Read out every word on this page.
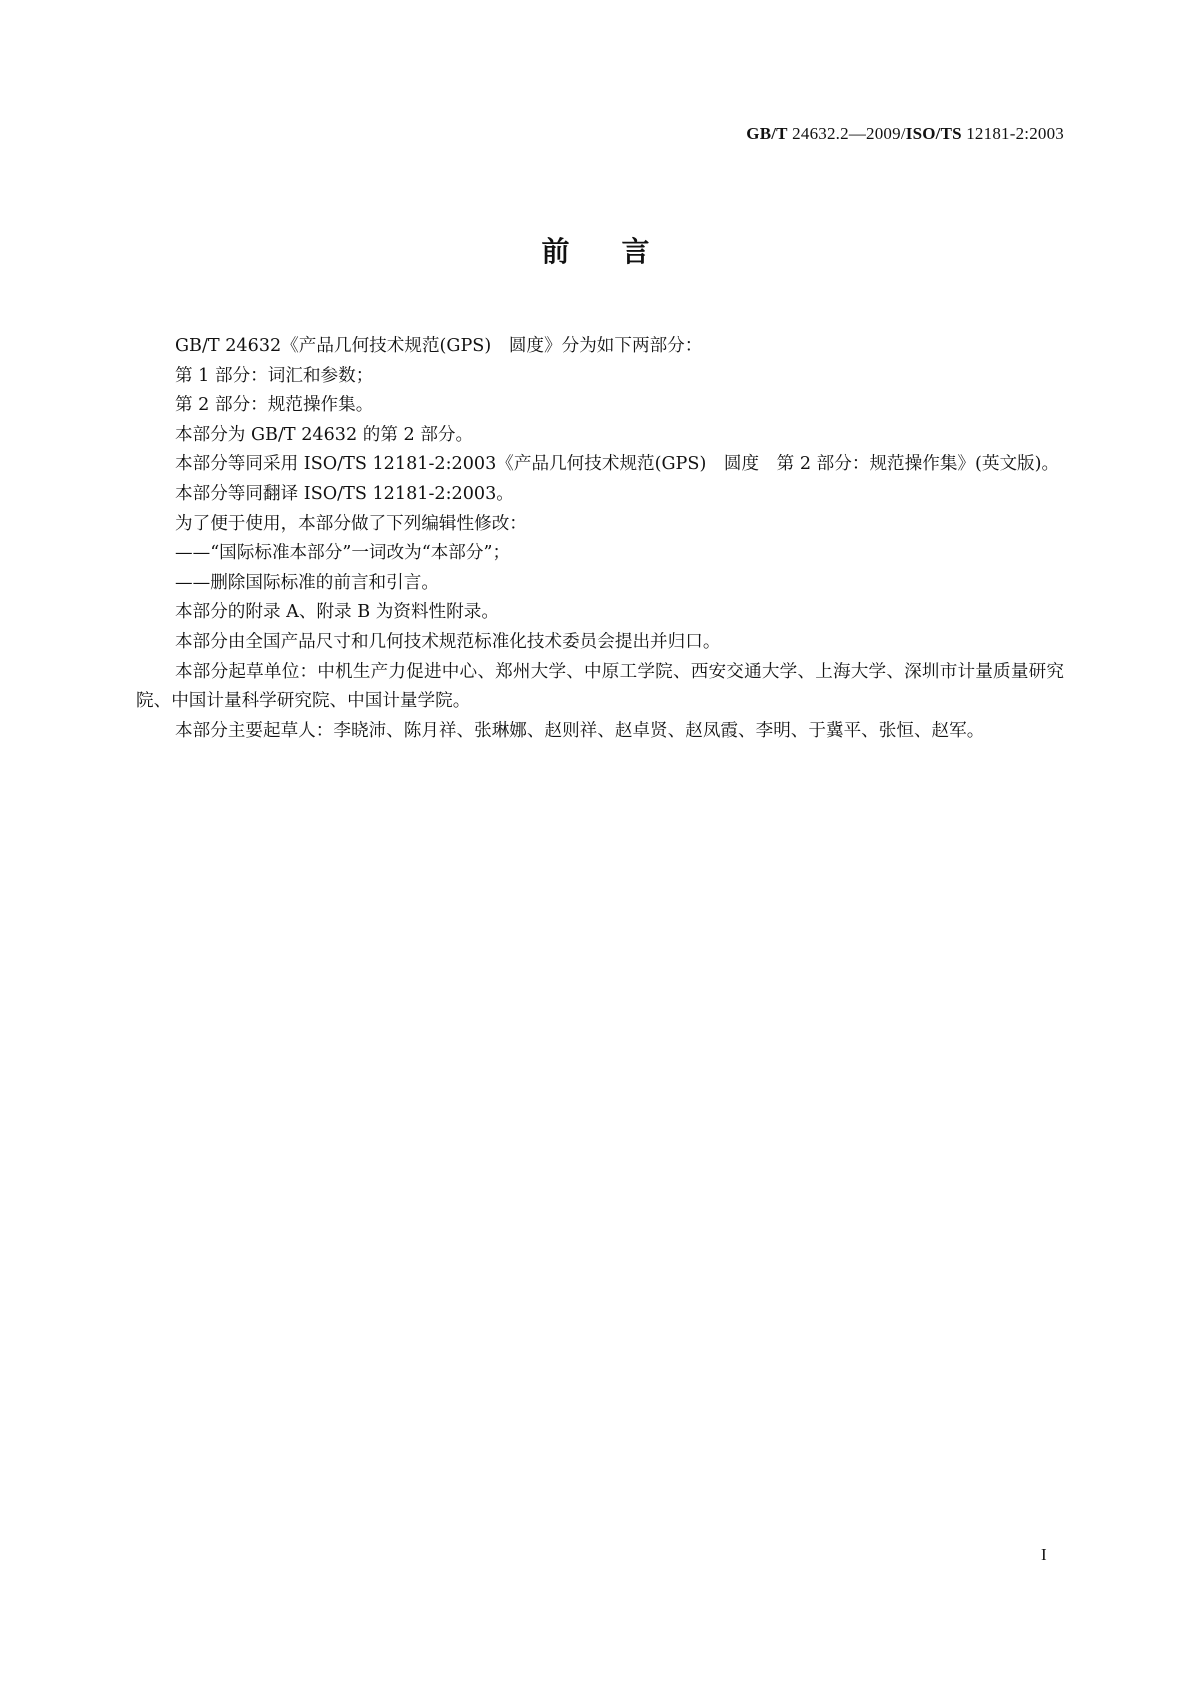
GB/T 24632.2—2009/ISO/TS 12181-2:2003
前言

GB/T 24632《产品几何技术规范(GPS)　圆度》分为如下两部分：

第 1 部分：词汇和参数；

第 2 部分：规范操作集。

本部分为 GB/T 24632 的第 2 部分。

本部分等同采用 ISO/TS 12181-2:2003《产品几何技术规范(GPS)　圆度　第 2 部分：规范操作集》(英文版)。

本部分等同翻译 ISO/TS 12181-2:2003。

为了便于使用，本部分做了下列编辑性修改：

——“国际标准本部分”一词改为“本部分”；

——删除国际标准的前言和引言。

本部分的附录 A、附录 B 为资料性附录。

本部分由全国产品尺寸和几何技术规范标准化技术委员会提出并归口。

本部分起草单位：中机生产力促进中心、郑州大学、中原工学院、西安交通大学、上海大学、深圳市计量质量研究院、中国计量科学研究院、中国计量学院。

本部分主要起草人：李晓沛、陈月祥、张琳娜、赵则祥、赵卓贤、赵凤霞、李明、于冀平、张恒、赵军。

I
